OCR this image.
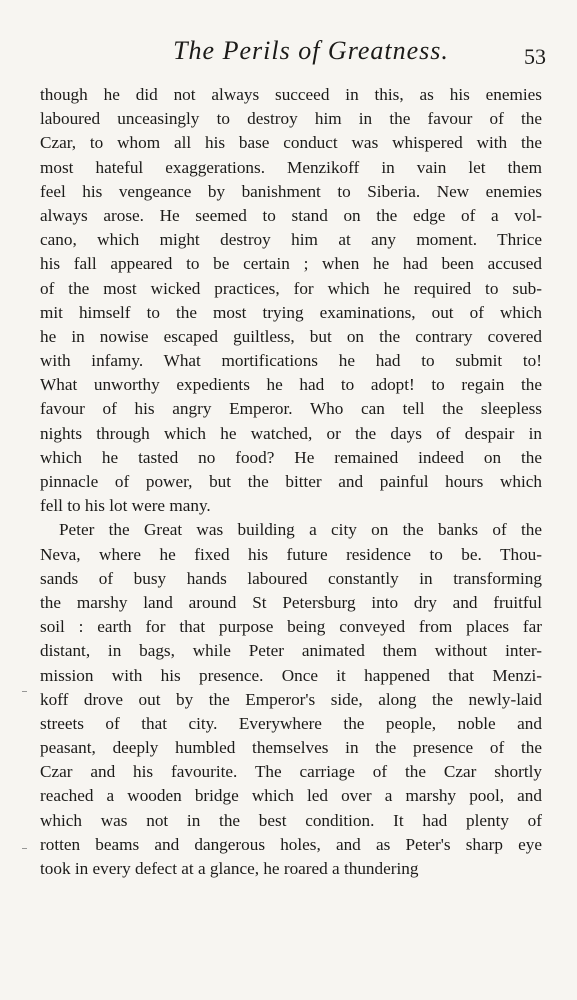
The Perils of Greatness.	53
though he did not always succeed in this, as his enemies
laboured unceasingly to destroy him in the favour of the
Czar, to whom all his base conduct was whispered with the
most hateful exaggerations. Menzikoff in vain let them
feel his vengeance by banishment to Siberia. New enemies
always arose. He seemed to stand on the edge of a vol-
cano, which might destroy him at any moment. Thrice
his fall appeared to be certain ; when he had been accused
of the most wicked practices, for which he required to sub-
mit himself to the most trying examinations, out of which
he in nowise escaped guiltless, but on the contrary covered
with infamy. What mortifications he had to submit to!
What unworthy expedients he had to adopt! to regain the
favour of his angry Emperor. Who can tell the sleepless
nights through which he watched, or the days of despair in
which he tasted no food? He remained indeed on the
pinnacle of power, but the bitter and painful hours which
fell to his lot were many.
Peter the Great was building a city on the banks of the
Neva, where he fixed his future residence to be. Thou-
sands of busy hands laboured constantly in transforming
the marshy land around St Petersburg into dry and fruitful
soil : earth for that purpose being conveyed from places far
distant, in bags, while Peter animated them without inter-
mission with his presence. Once it happened that Menzi-
koff drove out by the Emperor's side, along the newly-laid
streets of that city. Everywhere the people, noble and
peasant, deeply humbled themselves in the presence of the
Czar and his favourite. The carriage of the Czar shortly
reached a wooden bridge which led over a marshy pool, and
which was not in the best condition. It had plenty of
rotten beams and dangerous holes, and as Peter's sharp eye
took in every defect at a glance, he roared a thundering
